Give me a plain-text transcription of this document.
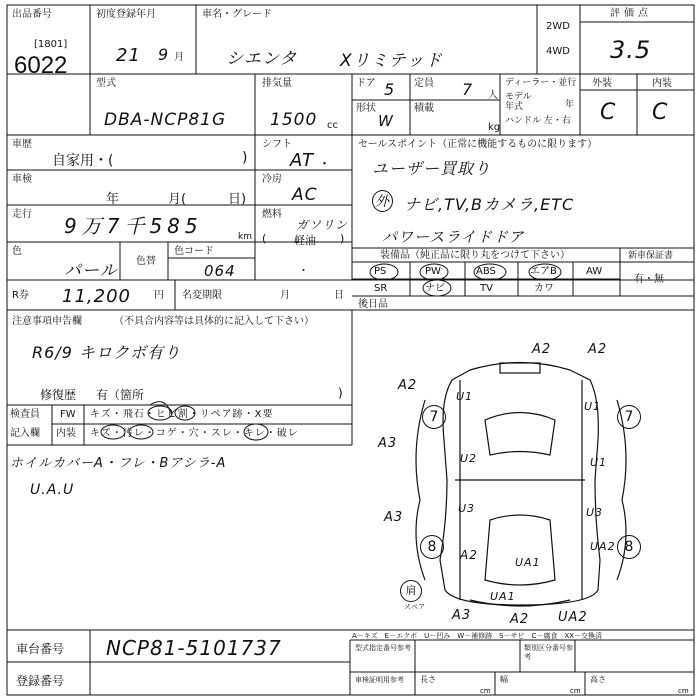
出品番号
[1801]
6022
初度登録年月
21 9 月
車名・グレード
シエンタ	Xリミテッド
2WD
4WD
評価点
3.5
型式
DBA-NCP81G
排気量
1500 cc
ドア 5 定員 7 人
形状
W
積載
kg
ディーラー・並行
モデル年式	年
ハンドル 左・右
外装	内装
C C
車歴
自家用・(	)
車検
年	月(	日)
走行 9万7千585	km
色
パール 色替
色コード
064
シフト
AT ・
冷房
AC
燃料
ガソリン
(	)
軽油
・
R券 11,200 円 名変期限	月	日
セールスポイント（正常に機能するものに限ります）
ユーザー買取り
外 ナビ,TV,Bカメラ,ETC
パワースライドドア
装備品（純正品に限り丸をつけて下さい）
PS	PW	ABS	エアB	AW
SR	ナビ	TV	カワ
新車保証書
有・無
後日品
注意事項申告欄	（不具合内容等は具体的に記入して下さい）
R6/9 キロクボ有り
修復歴 有（箇所	)
検査員
記入欄
FW キズ・飛石・ヒビ割・リペア跡・X要
内装 キズ・汚レ・コゲ・穴・スレ・キレ・破レ
ホイルカバーA・フレ・Bアシラ-A
U.A.U
A2	A2
A2
U1
U1
7	7
A3
U2	U1
A3
U3	U3
8	8
A2
UA1
UA2
UA1
肩
スペア
A3	A2 UA2
A－キズ　E－エクボ　U－凹み　W－補修跡　S－サビ　C－腐食　XX－交換済
車台番号 NCP81-5101737
登録番号
型式指定番号参考	類別区分番号参考
車検証明用参考	長さ
cm
幅
cm
高さ
cm
